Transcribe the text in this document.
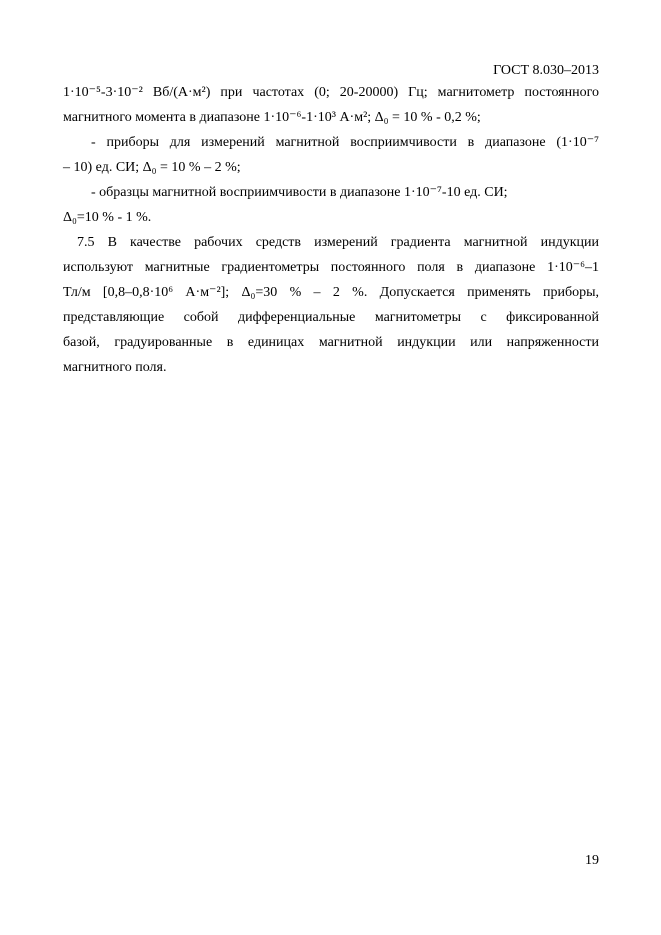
ГОСТ 8.030–2013

1·10⁻⁵-3·10⁻² Вб/(А·м²) при частотах (0; 20-20000) Гц; магнитометр постоянного
магнитного момента в диапазоне 1·10⁻⁶-1·10³ А·м²; Δ₀ = 10 % - 0,2 %;

- приборы для измерений магнитной восприимчивости в диапазоне (1·10⁻⁷
– 10) ед. СИ; Δ₀ = 10 % – 2 %;

- образцы магнитной восприимчивости в диапазоне 1·10⁻⁷-10 ед. СИ;
Δ₀=10 % - 1 %.

7.5 В качестве рабочих средств измерений градиента магнитной индукции
используют магнитные градиентометры постоянного поля в диапазоне 1·10⁻⁶–1
Тл/м [0,8–0,8·10⁶ А·м⁻²]; Δ₀=30 % – 2 %. Допускается применять приборы,
представляющие собой дифференциальные магнитометры с фиксированной
базой, градуированные в единицах магнитной индукции или напряженности
магнитного поля.

19
